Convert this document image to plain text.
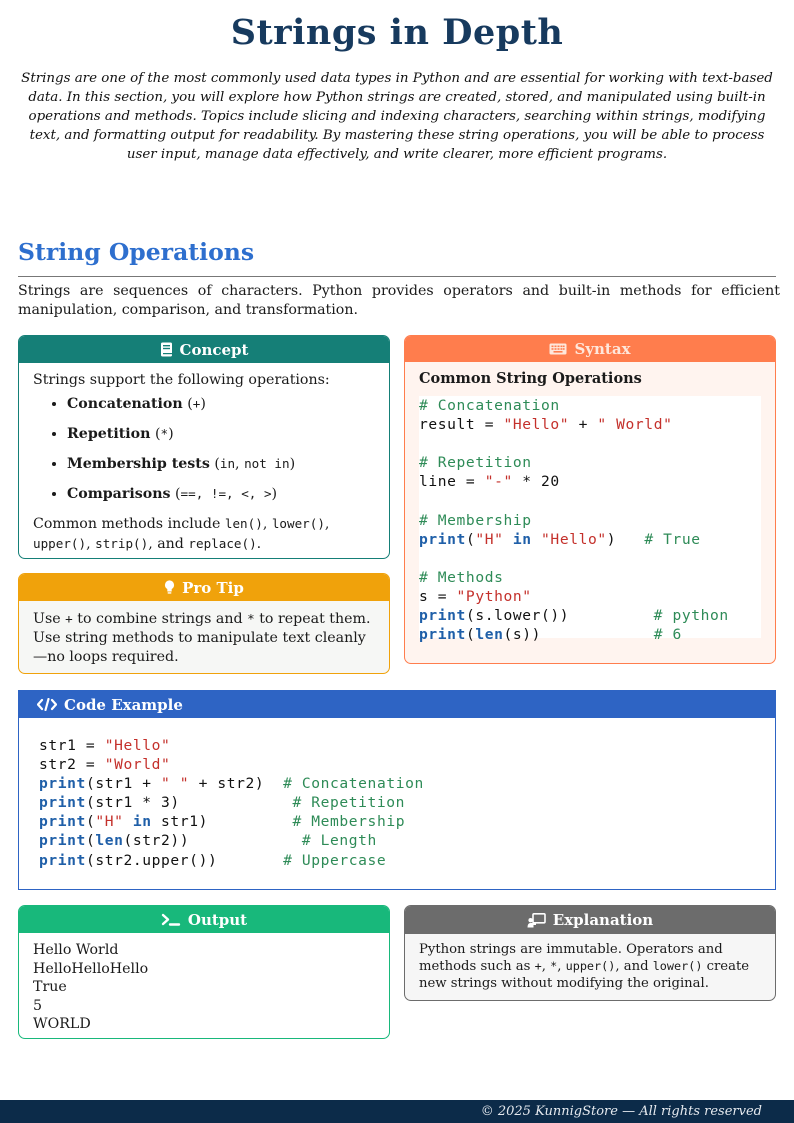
Strings in Depth
Strings are one of the most commonly used data types in Python and are essential for working with text-based data. In this section, you will explore how Python strings are created, stored, and manipulated using built-in operations and methods. Topics include slicing and indexing characters, searching within strings, modifying text, and formatting output for readability. By mastering these string operations, you will be able to process user input, manage data effectively, and write clearer, more efficient programs.
String Operations
Strings are sequences of characters. Python provides operators and built-in methods for efficient manipulation, comparison, and transformation.
Concept
Strings support the following operations:
• Concatenation (+)
• Repetition (*)
• Membership tests (in, not in)
• Comparisons (==, !=, <, >)
Common methods include len(), lower(), upper(), strip(), and replace().
Pro Tip
Use + to combine strings and * to repeat them. Use string methods to manipulate text cleanly—no loops required.
Syntax
Common String Operations
# Concatenation
result = "Hello" + " World"

# Repetition
line = "-" * 20

# Membership
print("H" in "Hello")   # True

# Methods
s = "Python"
print(s.lower())         # python
print(len(s))            # 6
Code Example
str1 = "Hello"
str2 = "World"
print(str1 + " " + str2)  # Concatenation
print(str1 * 3)            # Repetition
print("H" in str1)         # Membership
print(len(str2))            # Length
print(str2.upper())       # Uppercase
Output
Hello World
HelloHelloHello
True
5
WORLD
Explanation
Python strings are immutable. Operators and methods such as +, *, upper(), and lower() create new strings without modifying the original.
© 2025 KunnigStore — All rights reserved
